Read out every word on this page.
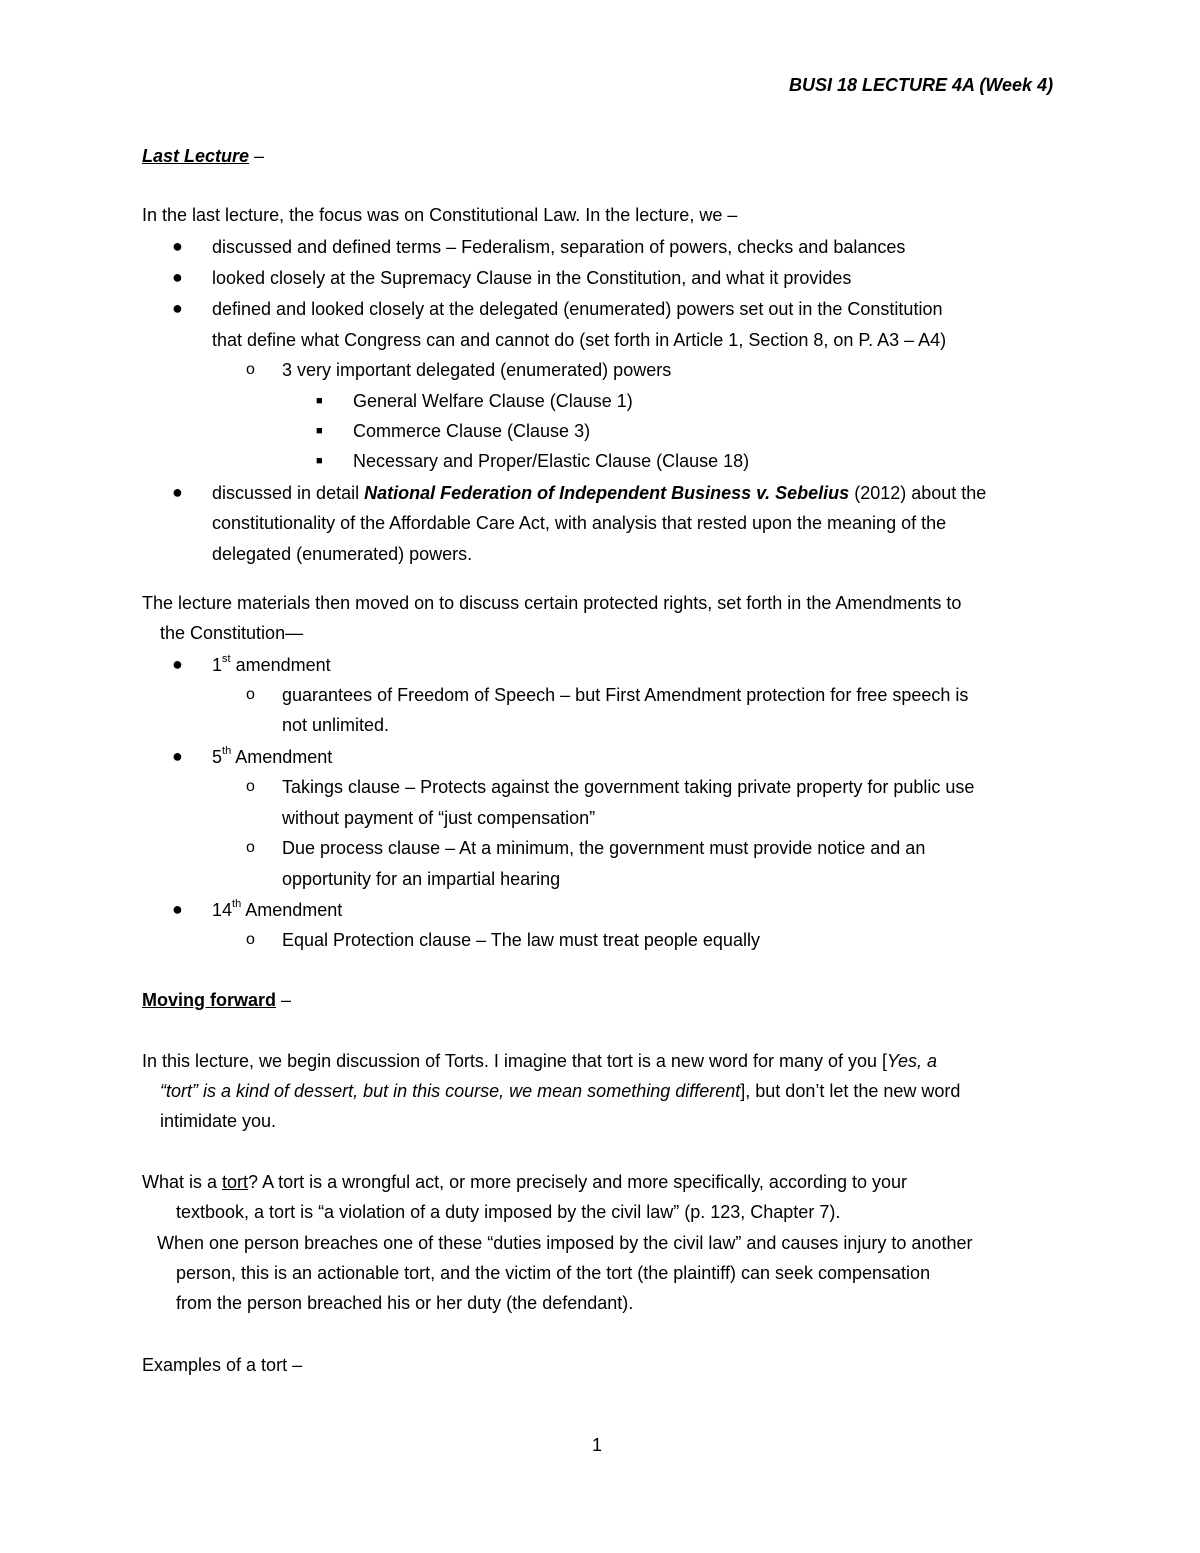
BUSI 18 LECTURE 4A (Week 4)
Last Lecture –
In the last lecture, the focus was on Constitutional Law. In the lecture, we –
● discussed and defined terms – Federalism, separation of powers, checks and balances
● looked closely at the Supremacy Clause in the Constitution, and what it provides
● defined and looked closely at the delegated (enumerated) powers set out in the Constitution
that define what Congress can and cannot do (set forth in Article 1, Section 8, on P. A3 – A4)
o 3 very important delegated (enumerated) powers
■ General Welfare Clause (Clause 1)
■ Commerce Clause (Clause 3)
■ Necessary and Proper/Elastic Clause (Clause 18)
● discussed in detail National Federation of Independent Business v. Sebelius (2012) about the
constitutionality of the Affordable Care Act, with analysis that rested upon the meaning of the
delegated (enumerated) powers.
The lecture materials then moved on to discuss certain protected rights, set forth in the Amendments to
the Constitution—
● 1st amendment
o guarantees of Freedom of Speech – but First Amendment protection for free speech is
not unlimited.
● 5th Amendment
o Takings clause – Protects against the government taking private property for public use
without payment of “just compensation”
o Due process clause – At a minimum, the government must provide notice and an
opportunity for an impartial hearing
● 14th Amendment
o Equal Protection clause – The law must treat people equally
Moving forward –
In this lecture, we begin discussion of Torts. I imagine that tort is a new word for many of you [Yes, a
“tort” is a kind of dessert, but in this course, we mean something different], but don’t let the new word
intimidate you.
What is a tort? A tort is a wrongful act, or more precisely and more specifically, according to your
textbook, a tort is “a violation of a duty imposed by the civil law” (p. 123, Chapter 7).
When one person breaches one of these “duties imposed by the civil law” and causes injury to another
person, this is an actionable tort, and the victim of the tort (the plaintiff) can seek compensation
from the person breached his or her duty (the defendant).
Examples of a tort –
1
